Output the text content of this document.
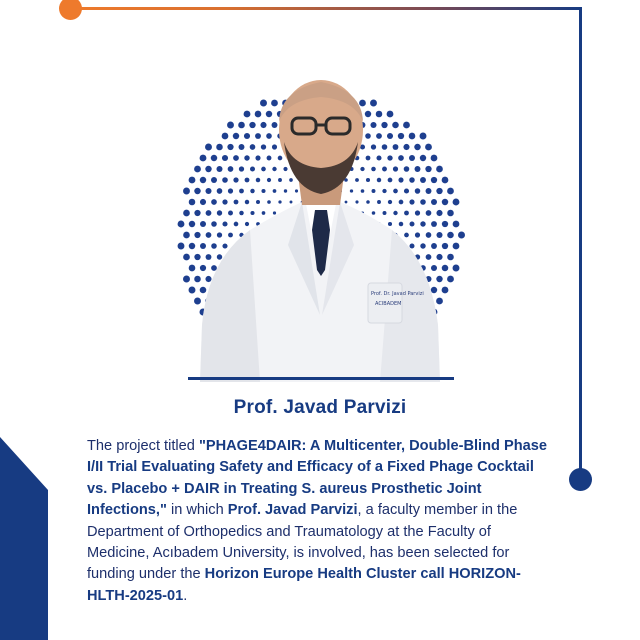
Prof. Dr. Javad Parvizi
ACIBADEM
Prof. Javad Parvizi
The project titled "PHAGE4DAIR: A Multicenter, Double-Blind Phase I/II Trial Evaluating Safety and Efficacy of a Fixed Phage Cocktail vs. Placebo + DAIR in Treating S. aureus Prosthetic Joint Infections," in which Prof. Javad Parvizi, a faculty member in the Department of Orthopedics and Traumatology at the Faculty of Medicine, Acıbadem University, is involved, has been selected for funding under the Horizon Europe Health Cluster call HORIZON-HLTH-2025-01.
